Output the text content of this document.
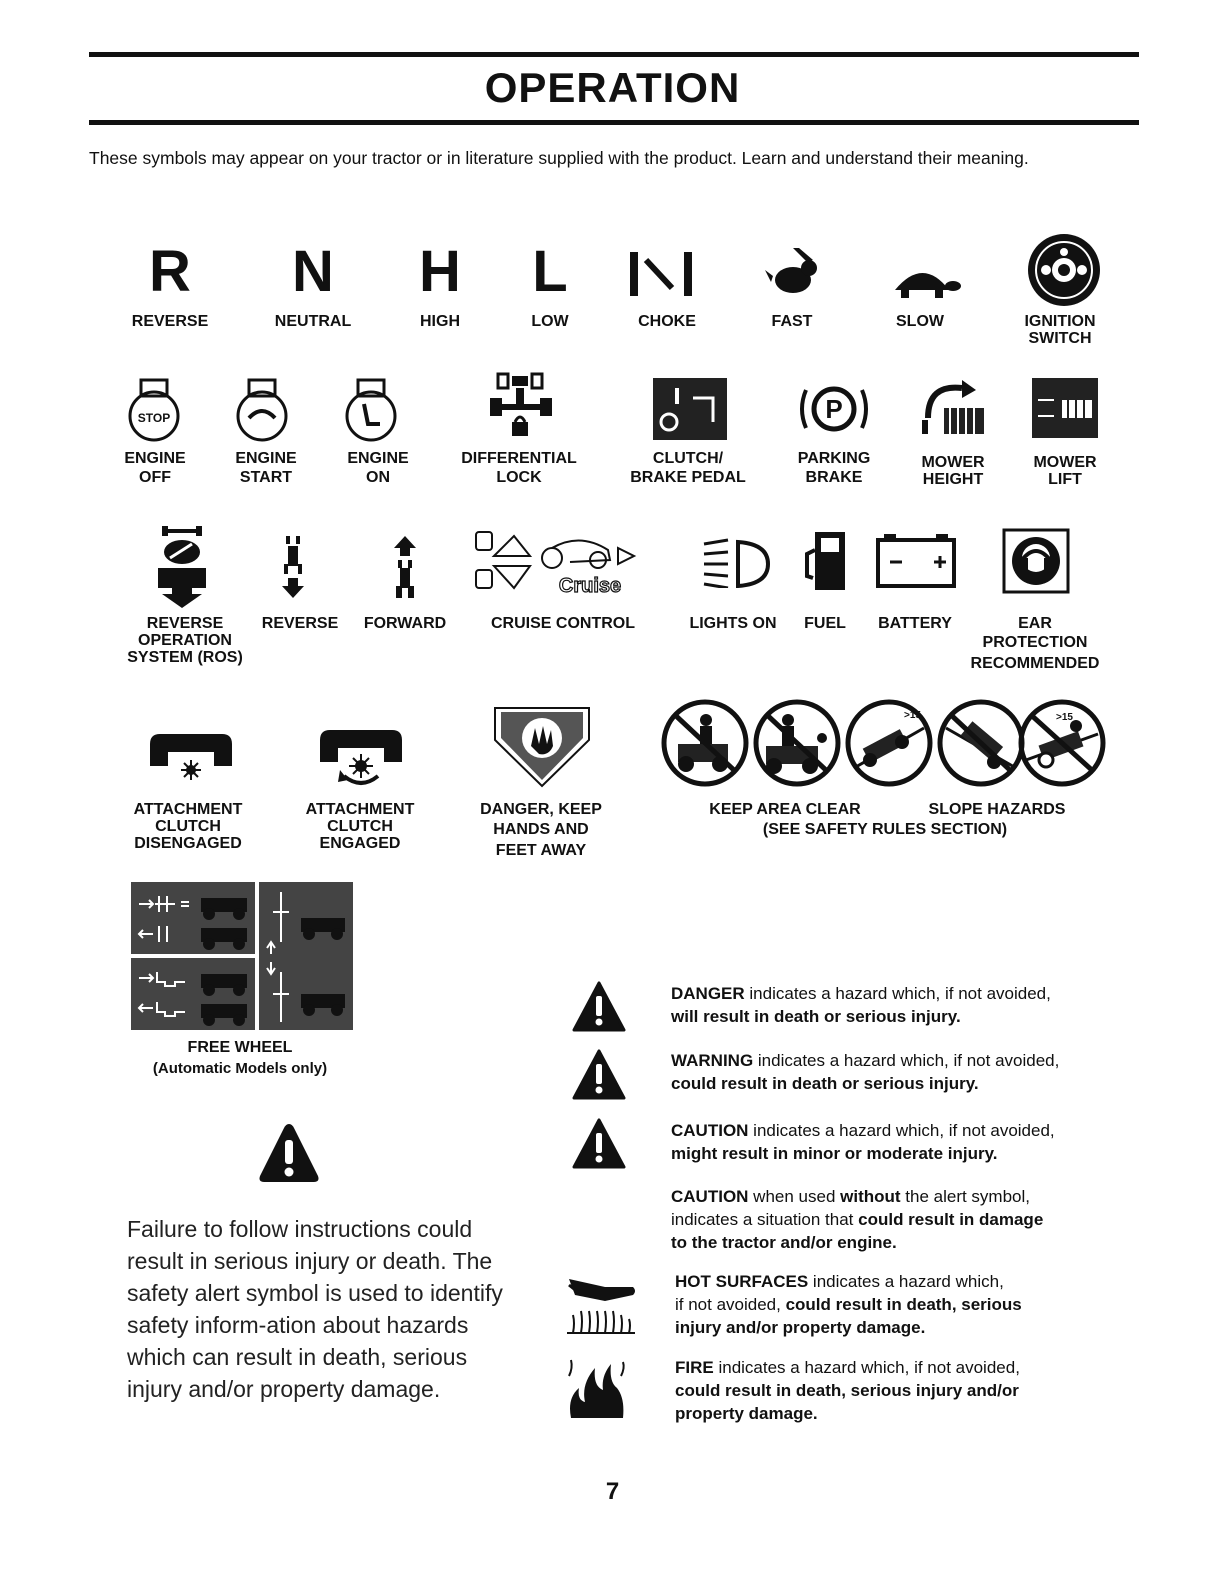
OPERATION
These symbols may appear on your tractor or in literature supplied with the product. Learn and understand their meaning.
R N H L
REVERSE	NEUTRAL	HIGH	LOW	CHOKE	FAST	SLOW	IGNITION
SWITCH
STOP	P
ENGINE
OFF
ENGINE
START
ENGINE
ON
DIFFERENTIAL
LOCK
CLUTCH/
BRAKE PEDAL
PARKING
BRAKE
MOWER
HEIGHT
MOWER
LIFT
Cruise
REVERSE
OPERATION
SYSTEM (ROS)
REVERSE	FORWARD	CRUISE CONTROL	LIGHTS ON	FUEL	BATTERY	EAR
PROTECTION
RECOMMENDED
>15	>15
ATTACHMENT
CLUTCH
DISENGAGED
ATTACHMENT
CLUTCH
ENGAGED
DANGER, KEEP
HANDS AND
FEET AWAY
KEEP AREA CLEAR	SLOPE HAZARDS
(SEE SAFETY RULES SECTION)
FREE WHEEL
(Automatic Models only)
Failure to follow instructions could result in serious injury or death. The safety alert symbol is used to identify safety inform-ation about hazards which can result in death, serious injury and/or property damage.
DANGER indicates a hazard which, if not avoided,
will result in death or serious injury.
WARNING indicates a hazard which, if not avoided,
could result in death or serious injury.
CAUTION indicates a hazard which, if not avoided,
might result in minor or moderate injury.
CAUTION when used without the alert symbol,
indicates a situation that could result in damage
to the tractor and/or engine.
HOT SURFACES indicates a hazard which,
if not avoided, could result in death, serious
injury and/or property damage.
FIRE indicates a hazard which, if not avoided,
could result in death, serious injury and/or
property damage.
7
